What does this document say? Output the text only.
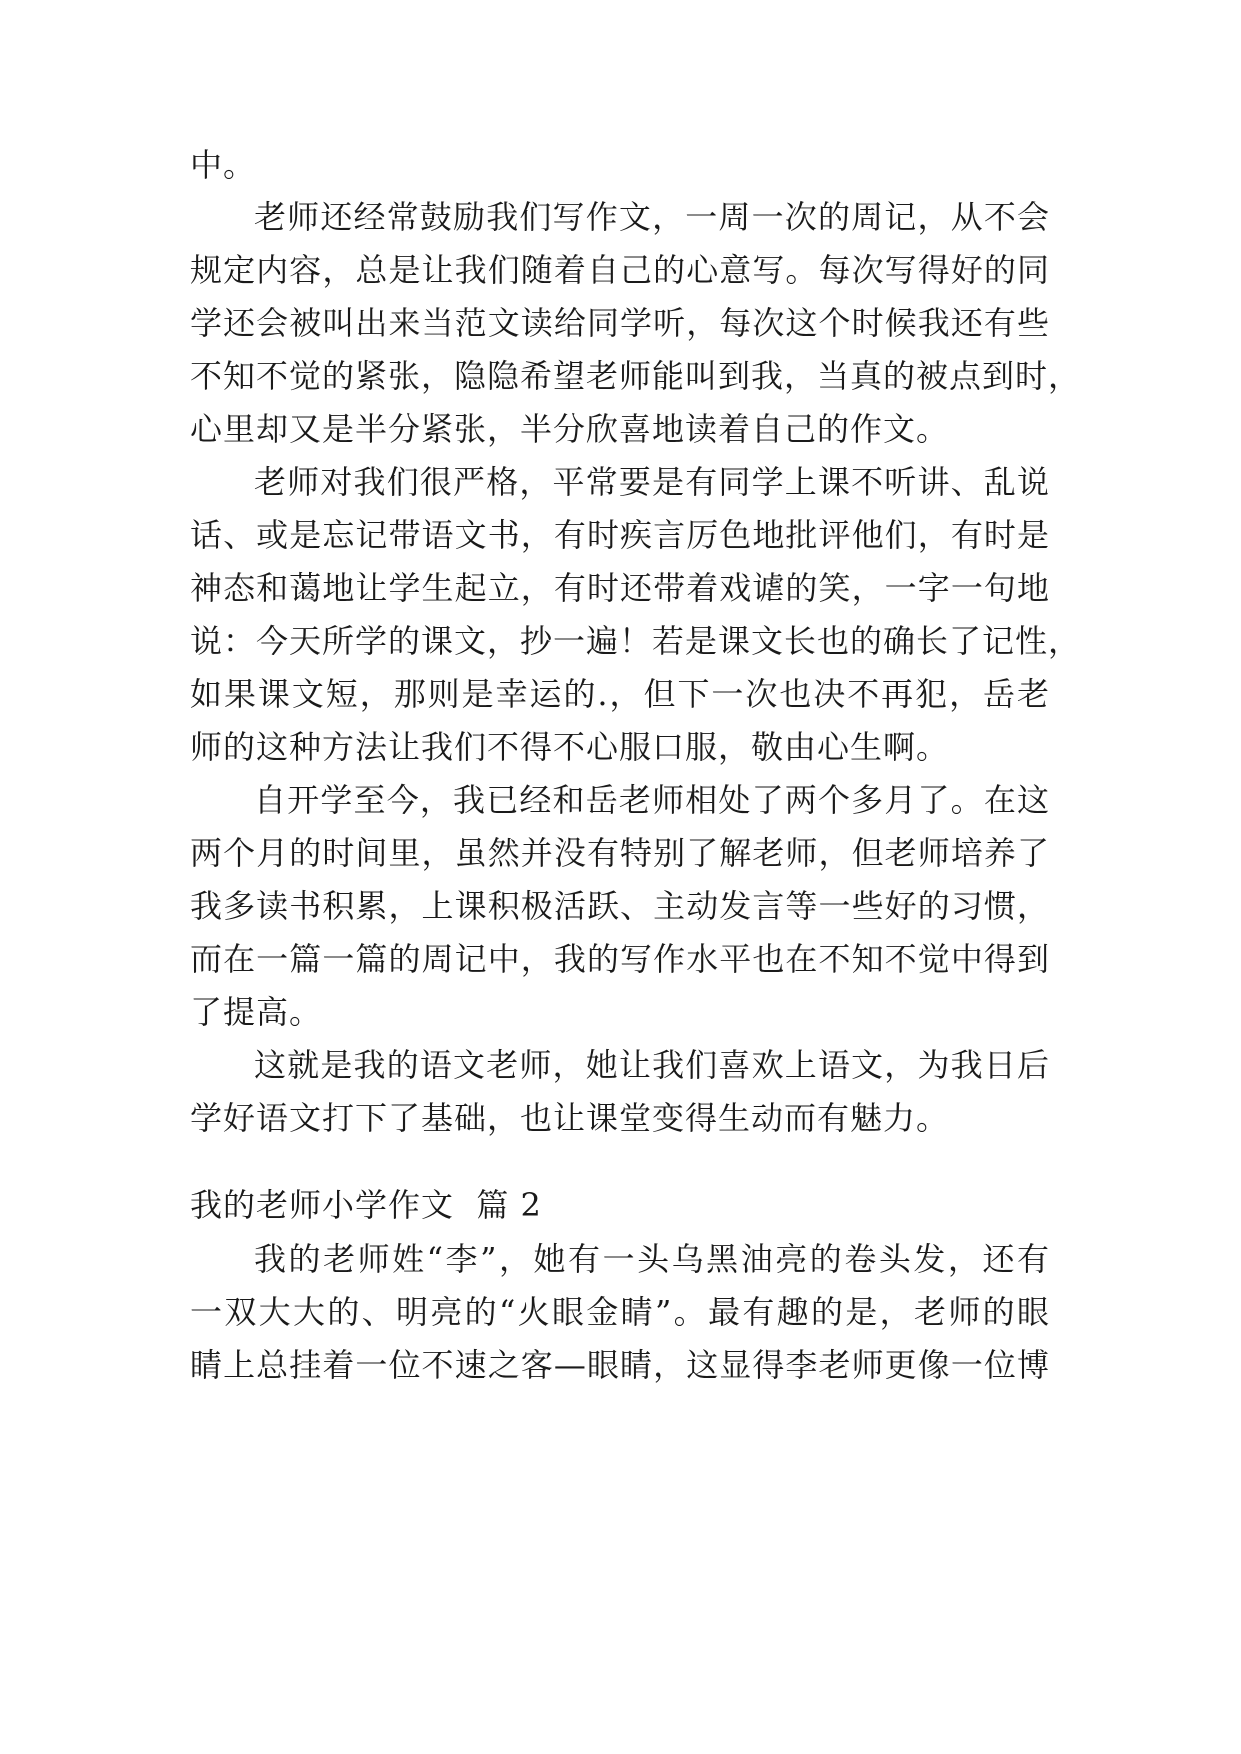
中。
老师还经常鼓励我们写作文，一周一次的周记，从不会
规定内容，总是让我们随着自己的心意写。每次写得好的同
学还会被叫出来当范文读给同学听，每次这个时候我还有些
不知不觉的紧张，隐隐希望老师能叫到我，当真的被点到时，
心里却又是半分紧张，半分欣喜地读着自己的作文。
老师对我们很严格，平常要是有同学上课不听讲、乱说
话、或是忘记带语文书，有时疾言厉色地批评他们，有时是
神态和蔼地让学生起立，有时还带着戏谑的笑，一字一句地
说：今天所学的课文，抄一遍！若是课文长也的确长了记性，
如果课文短，那则是幸运的.，但下一次也决不再犯，岳老
师的这种方法让我们不得不心服口服，敬由心生啊。
自开学至今，我已经和岳老师相处了两个多月了。在这
两个月的时间里，虽然并没有特别了解老师，但老师培养了
我多读书积累，上课积极活跃、主动发言等一些好的习惯，
而在一篇一篇的周记中，我的写作水平也在不知不觉中得到
了提高。
这就是我的语文老师，她让我们喜欢上语文，为我日后
学好语文打下了基础，也让课堂变得生动而有魅力。
我的老师小学作文  篇 2
我的老师姓“李”，她有一头乌黑油亮的卷头发，还有
一双大大的、明亮的“火眼金睛”。最有趣的是，老师的眼
睛上总挂着一位不速之客—眼睛，这显得李老师更像一位博
